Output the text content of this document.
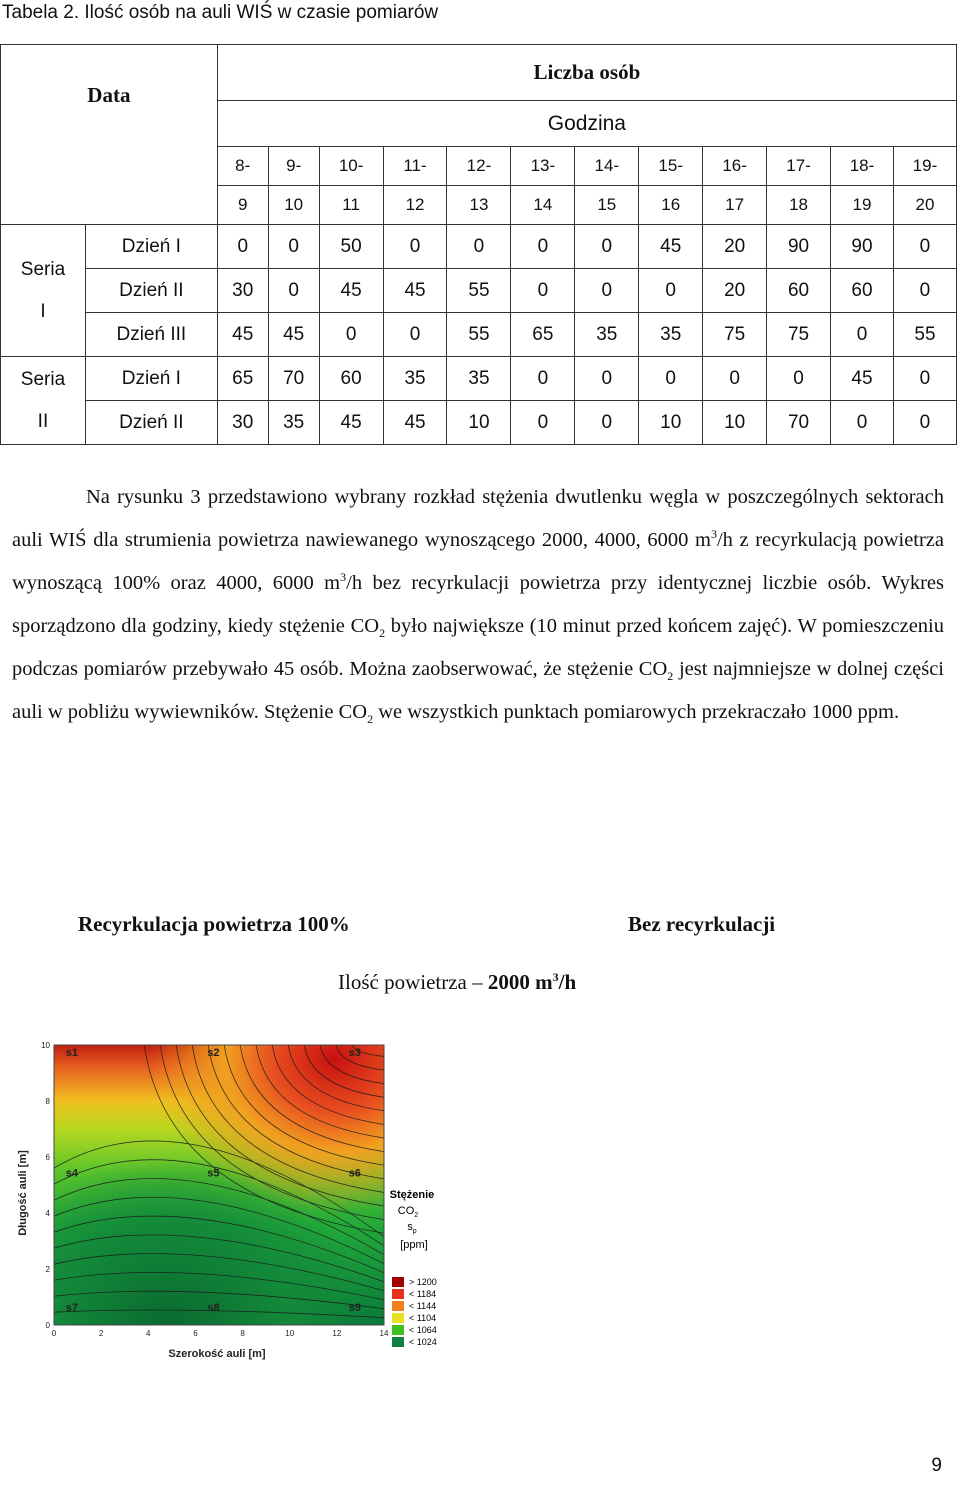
Tabela 2. Ilość osób na auli WIŚ w czasie pomiarów
Data		Liczba osób											
		Godzina											
		8-	9-	10-	11-	12-	13-	14-	15-	16-	17-	18-	19-
		9	10	11	12	13	14	15	16	17	18	19	20
Seria
I	Dzień I	0	0	50	0	0	0	0	45	20	90	90	0
	Dzień II	30	0	45	45	55	0	0	0	20	60	60	0
	Dzień III	45	45	0	0	55	65	35	35	75	75	0	55
Seria
II	Dzień I	65	70	60	35	35	0	0	0	0	0	45	0
	Dzień II	30	35	45	45	10	0	0	10	10	70	0	0

Na rysunku 3 przedstawiono wybrany rozkład stężenia dwutlenku węgla w poszczególnych sektorach auli WIŚ dla strumienia powietrza nawiewanego wynoszącego 2000, 4000, 6000 $m^3/h$ z recyrkulacją powietrza wynoszącą 100% oraz 4000, 6000 $m^3/h$ bez recyrkulacji powietrza przy identycznej liczbie osób. Wykres sporządzono dla godziny, kiedy stężenie $CO_2$ było największe (10 minut przed końcem zajęć). W pomieszczeniu podczas pomiarów przebywało 45 osób. Można zaobserwować, że stężenie $CO_2$ jest najmniejsze w dolnej części auli w pobliżu wywiewników. Stężenie $CO_2$ we wszystkich punktach pomiarowych przekraczało 1000 ppm.

Recyrkulacja powietrza 100%	Bez recyrkulacji
Ilość powietrza – 2000 $m^3/h$
s1	s2	s3
s4	s5	s6
s7	s8	s9
0
2
4
6
8
10
0	2	4	6	8	10	12	14
Długość auli [m]
Szerokość auli [m]
Stężenie
$CO_2$
$s_p$
[ppm]
> 1200
< 1184
< 1144
< 1104
< 1064
< 1024
9
